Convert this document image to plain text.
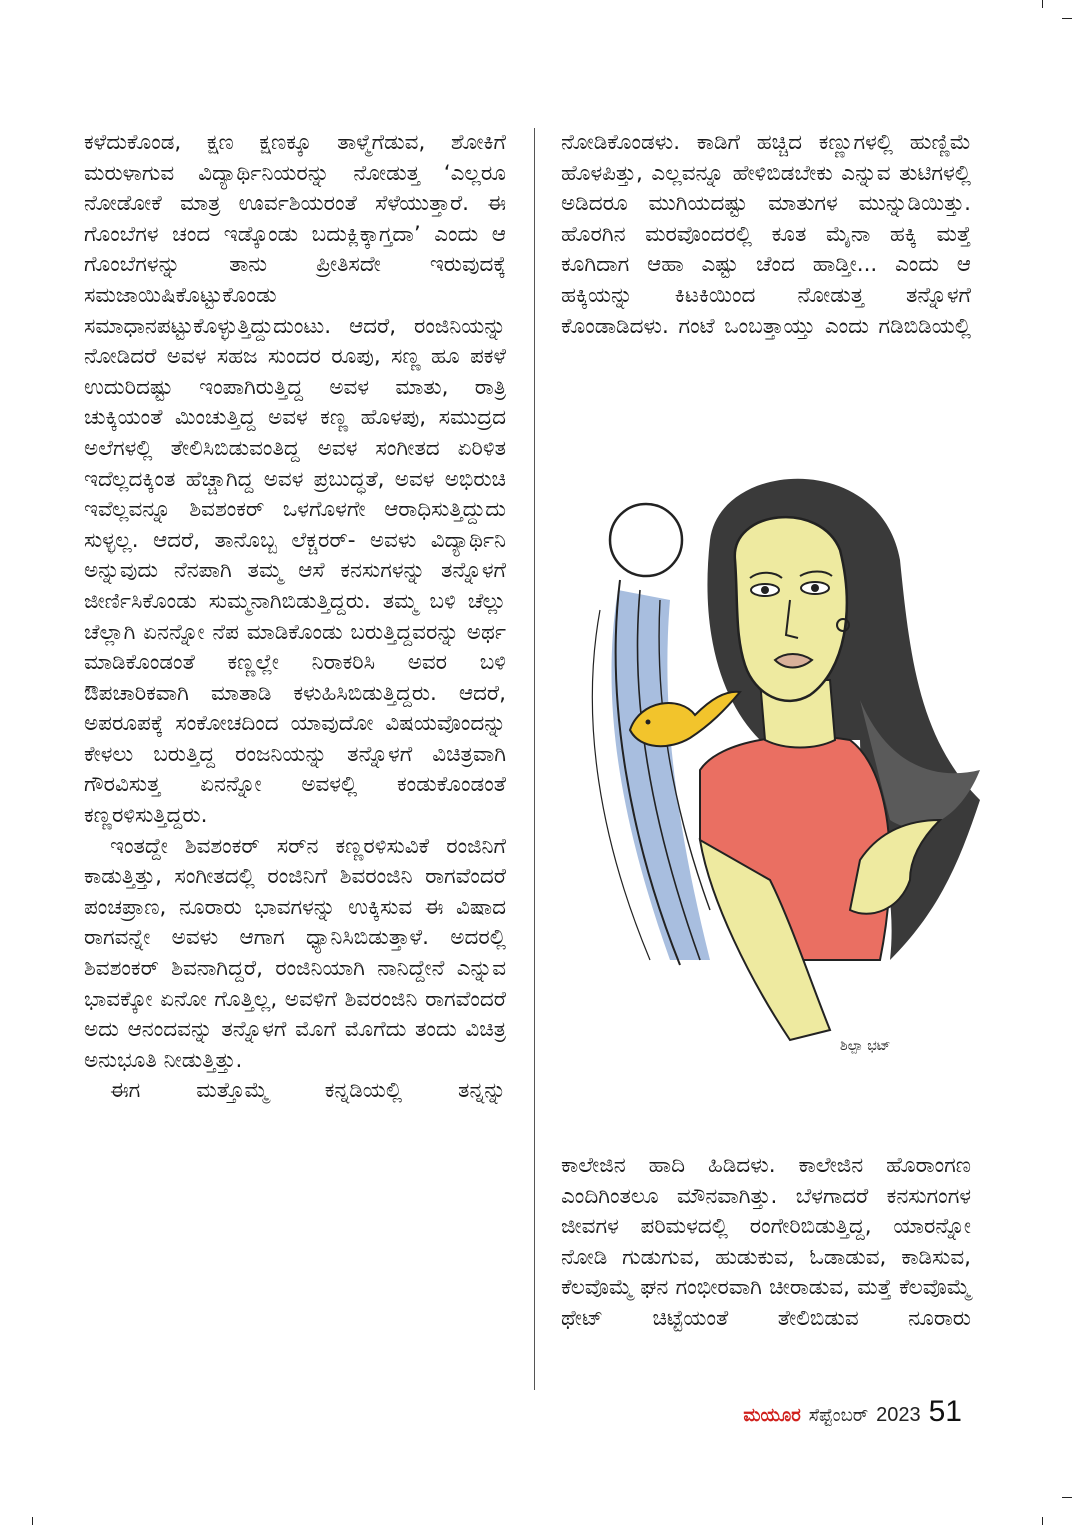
ಕಳೆದುಕೊಂಡ, ಕ್ಷಣ ಕ್ಷಣಕ್ಕೂ ತಾಳ್ಮೆಗೆಡುವ, ಶೋಕಿಗೆ ಮರುಳಾಗುವ ವಿದ್ಯಾರ್ಥಿನಿಯರನ್ನು ನೋಡುತ್ತ ‘ಎಲ್ಲರೂ ನೋಡೋಕೆ ಮಾತ್ರ ಊರ್ವಶಿಯರಂತೆ ಸೆಳೆಯುತ್ತಾರೆ. ಈ ಗೊಂಬೆಗಳ ಚಂದ ಇಡ್ಕೊಂಡು ಬದುಕ್ಲಿಕ್ಕಾಗ್ತದಾ’ ಎಂದು ಆ ಗೊಂಬೆಗಳನ್ನು ತಾನು ಪ್ರೀತಿಸದೇ ಇರುವುದಕ್ಕೆ ಸಮಜಾಯಿಷಿಕೊಟ್ಟುಕೊಂಡು ಸಮಾಧಾನಪಟ್ಟುಕೊಳ್ಳುತ್ತಿದ್ದುದುಂಟು. ಆದರೆ, ರಂಜಿನಿಯನ್ನು ನೋಡಿದರೆ ಅವಳ ಸಹಜ ಸುಂದರ ರೂಪು, ಸಣ್ಣ ಹೂ ಪಕಳೆ ಉದುರಿದಷ್ಟು ಇಂಪಾಗಿರುತ್ತಿದ್ದ ಅವಳ ಮಾತು, ರಾತ್ರಿ ಚುಕ್ಕಿಯಂತೆ ಮಿಂಚುತ್ತಿದ್ದ ಅವಳ ಕಣ್ಣ ಹೊಳಪು, ಸಮುದ್ರದ ಅಲೆಗಳಲ್ಲಿ ತೇಲಿಸಿಬಿಡುವಂತಿದ್ದ ಅವಳ ಸಂಗೀತದ ಏರಿಳಿತ ಇದೆಲ್ಲದಕ್ಕಿಂತ ಹೆಚ್ಚಾಗಿದ್ದ ಅವಳ ಪ್ರಬುದ್ಧತೆ, ಅವಳ ಅಭಿರುಚಿ ಇವೆಲ್ಲವನ್ನೂ ಶಿವಶಂಕರ್ ಒಳಗೊಳಗೇ ಆರಾಧಿಸುತ್ತಿದ್ದುದು ಸುಳ್ಳಲ್ಲ. ಆದರೆ, ತಾನೊಬ್ಬ ಲೆಕ್ಚರರ್- ಅವಳು ವಿದ್ಯಾರ್ಥಿನಿ ಅನ್ನುವುದು ನೆನಪಾಗಿ ತಮ್ಮ ಆಸೆ ಕನಸುಗಳನ್ನು ತನ್ನೊಳಗೆ ಜೀರ್ಣಿಸಿಕೊಂಡು ಸುಮ್ಮನಾಗಿಬಿಡುತ್ತಿದ್ದರು. ತಮ್ಮ ಬಳಿ ಚೆಲ್ಲು ಚೆಲ್ಲಾಗಿ ಏನನ್ನೋ ನೆಪ ಮಾಡಿಕೊಂಡು ಬರುತ್ತಿದ್ದವರನ್ನು ಅರ್ಥ ಮಾಡಿಕೊಂಡಂತೆ ಕಣ್ಣಲ್ಲೇ ನಿರಾಕರಿಸಿ ಅವರ ಬಳಿ ಔಪಚಾರಿಕವಾಗಿ ಮಾತಾಡಿ ಕಳುಹಿಸಿಬಿಡುತ್ತಿದ್ದರು. ಆದರೆ, ಅಪರೂಪಕ್ಕೆ ಸಂಕೋಚದಿಂದ ಯಾವುದೋ ವಿಷಯವೊಂದನ್ನು ಕೇಳಲು ಬರುತ್ತಿದ್ದ ರಂಜನಿಯನ್ನು ತನ್ನೊಳಗೆ ವಿಚಿತ್ರವಾಗಿ ಗೌರವಿಸುತ್ತ ಏನನ್ನೋ ಅವಳಲ್ಲಿ ಕಂಡುಕೊಂಡಂತೆ ಕಣ್ಣರಳಿಸುತ್ತಿದ್ದರು.

ಇಂತದ್ದೇ ಶಿವಶಂಕರ್ ಸರ್‌ನ ಕಣ್ಣರಳಿಸುವಿಕೆ ರಂಜಿನಿಗೆ ಕಾಡುತ್ತಿತ್ತು, ಸಂಗೀತದಲ್ಲಿ ರಂಜಿನಿಗೆ ಶಿವರಂಜಿನಿ ರಾಗವೆಂದರೆ ಪಂಚಪ್ರಾಣ, ನೂರಾರು ಭಾವಗಳನ್ನು ಉಕ್ಕಿಸುವ ಈ ವಿಷಾದ ರಾಗವನ್ನೇ ಅವಳು ಆಗಾಗ ಧ್ಯಾನಿಸಿಬಿಡುತ್ತಾಳೆ. ಅದರಲ್ಲಿ ಶಿವಶಂಕರ್ ಶಿವನಾಗಿದ್ದರೆ, ರಂಜಿನಿಯಾಗಿ ನಾನಿದ್ದೇನೆ ಎನ್ನುವ ಭಾವಕ್ಕೋ ಏನೋ ಗೊತ್ತಿಲ್ಲ, ಅವಳಿಗೆ ಶಿವರಂಜಿನಿ ರಾಗವೆಂದರೆ ಅದು ಆನಂದವನ್ನು ತನ್ನೊಳಗೆ ಮೊಗೆ ಮೊಗೆದು ತಂದು ವಿಚಿತ್ರ ಅನುಭೂತಿ ನೀಡುತ್ತಿತ್ತು.

ಈಗ ಮತ್ತೊಮ್ಮೆ ಕನ್ನಡಿಯಲ್ಲಿ ತನ್ನನ್ನು

ನೋಡಿಕೊಂಡಳು. ಕಾಡಿಗೆ ಹಚ್ಚಿದ ಕಣ್ಣುಗಳಲ್ಲಿ ಹುಣ್ಣಿಮೆ ಹೊಳಪಿತ್ತು, ಎಲ್ಲವನ್ನೂ ಹೇಳಿಬಿಡಬೇಕು ಎನ್ನುವ ತುಟಿಗಳಲ್ಲಿ ಅಡಿದರೂ ಮುಗಿಯದಷ್ಟು ಮಾತುಗಳ ಮುನ್ನುಡಿಯಿತ್ತು. ಹೊರಗಿನ ಮರವೊಂದರಲ್ಲಿ ಕೂತ ಮೈನಾ ಹಕ್ಕಿ ಮತ್ತೆ ಕೂಗಿದಾಗ ಆಹಾ ಎಷ್ಟು ಚೆಂದ ಹಾಡ್ತೀ... ಎಂದು ಆ ಹಕ್ಕಿಯನ್ನು ಕಿಟಕಿಯಿಂದ ನೋಡುತ್ತ ತನ್ನೊಳಗೆ ಕೊಂಡಾಡಿದಳು. ಗಂಟೆ ಒಂಬತ್ತಾಯ್ತು ಎಂದು ಗಡಿಬಿಡಿಯಲ್ಲಿ

ಶಿಲ್ಪಾ ಭಟ್

ಕಾಲೇಜಿನ ಹಾದಿ ಹಿಡಿದಳು. ಕಾಲೇಜಿನ ಹೊರಾಂಗಣ ಎಂದಿಗಿಂತಲೂ ಮೌನವಾಗಿತ್ತು. ಬೆಳಗಾದರೆ ಕನಸುಗಂಗಳ ಜೀವಗಳ ಪರಿಮಳದಲ್ಲಿ ರಂಗೇರಿಬಿಡುತ್ತಿದ್ದ, ಯಾರನ್ನೋ ನೋಡಿ ಗುಡುಗುವ, ಹುಡುಕುವ, ಓಡಾಡುವ, ಕಾಡಿಸುವ, ಕೆಲವೊಮ್ಮೆ ಘನ ಗಂಭೀರವಾಗಿ ಚೀರಾಡುವ, ಮತ್ತೆ ಕೆಲವೊಮ್ಮೆ ಥೇಟ್ ಚಿಟ್ಟೆಯಂತೆ ತೇಲಿಬಿಡುವ ನೂರಾರು

ಮಯೂರ ಸೆಪ್ಟೆಂಬರ್ 2023 51
